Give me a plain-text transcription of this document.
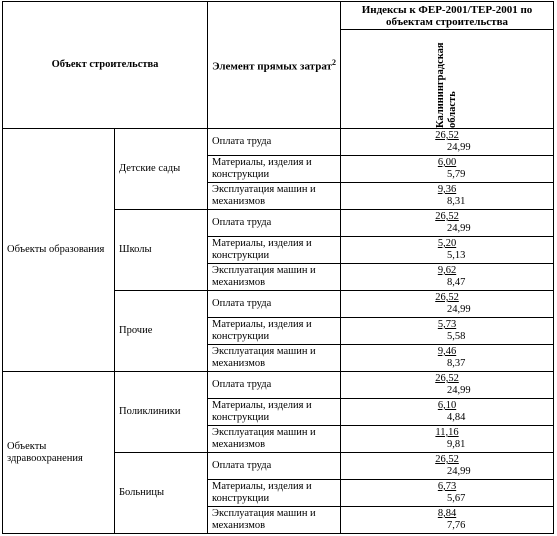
Объект строительства		Элемент прямых затрат$^2$	Индексы к ФЕР-2001/ТЕР-2001 по объектам строительства

			Калининградская область

Объекты образования	Детские сады	Оплата труда	26,52
24,99

		Материалы, изделия и конструкции	6,00
5,79

		Эксплуатация машин и механизмов	9,36
8,31

	Школы	Оплата труда	26,52
24,99

		Материалы, изделия и конструкции	5,20
5,13

		Эксплуатация машин и механизмов	9,62
8,47

	Прочие	Оплата труда	26,52
24,99

		Материалы, изделия и конструкции	5,73
5,58

		Эксплуатация машин и механизмов	9,46
8,37

Объекты здравоохранения	Поликлиники	Оплата труда	26,52
24,99

		Материалы, изделия и конструкции	6,10
4,84

		Эксплуатация машин и механизмов	11,16
9,81

	Больницы	Оплата труда	26,52
24,99

		Материалы, изделия и конструкции	6,73
5,67

		Эксплуатация машин и механизмов	8,84
7,76
